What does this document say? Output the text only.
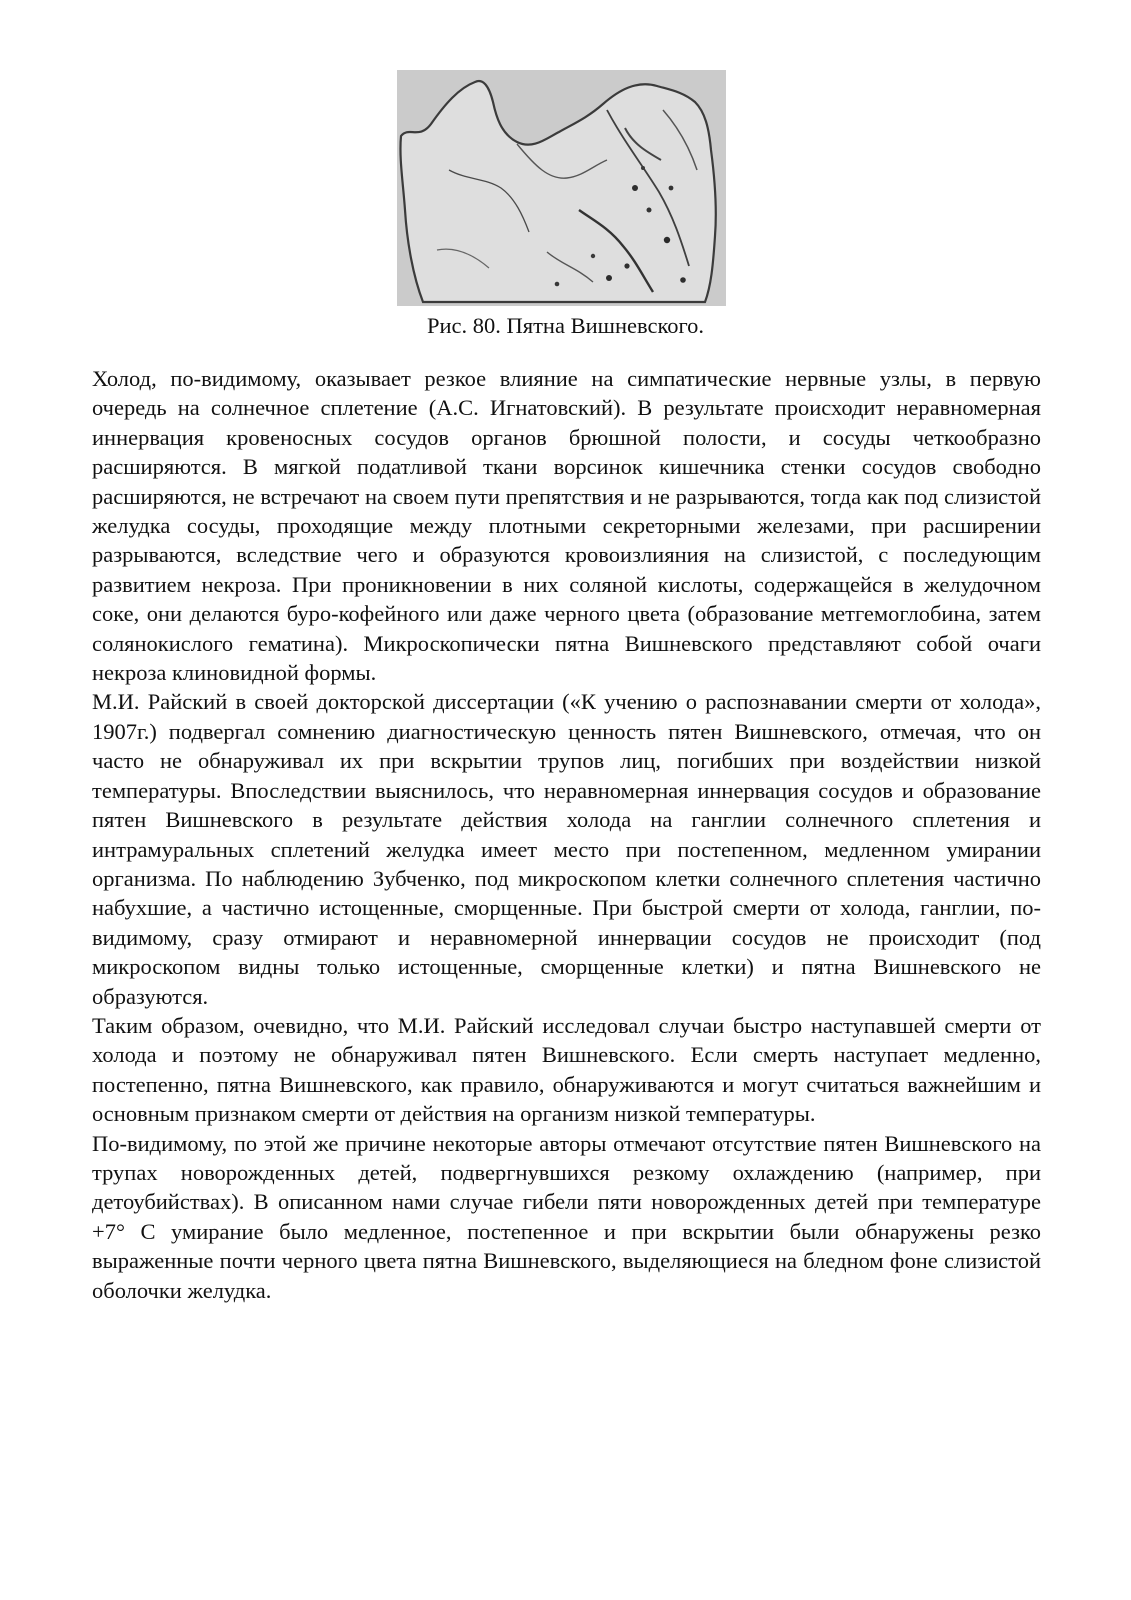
Рис. 80. Пятна Вишневского.

Холод, по-видимому, оказывает резкое влияние на симпатические нервные узлы, в первую очередь на солнечное сплетение (А.С. Игнатовский). В результате происходит неравномерная иннервация кровеносных сосудов органов брюшной полости, и сосуды четкообразно расширяются. В мягкой податливой ткани ворсинок кишечника стенки сосудов свободно расширяются, не встречают на своем пути препятствия и не разрываются, тогда как под слизистой желудка сосуды, проходящие между плотными секреторными железами, при расширении разрываются, вследствие чего и образуются кровоизлияния на слизистой, с последующим развитием некроза. При проникновении в них соляной кислоты, содержащейся в желудочном соке, они делаются буро-кофейного или даже черного цвета (образование метгемоглобина, затем солянокислого гематина). Микроскопически пятна Вишневского представляют собой очаги некроза клиновидной формы.

М.И. Райский в своей докторской диссертации («К учению о распознавании смерти от холода», 1907г.) подвергал сомнению диагностическую ценность пятен Вишневского, отмечая, что он часто не обнаруживал их при вскрытии трупов лиц, погибших при воздействии низкой температуры. Впоследствии выяснилось, что неравномерная иннервация сосудов и образование пятен Вишневского в результате действия холода на ганглии солнечного сплетения и интрамуральных сплетений желудка имеет место при постепенном, медленном умирании организма. По наблюдению Зубченко, под микроскопом клетки солнечного сплетения частично набухшие, а частично истощенные, сморщенные. При быстрой смерти от холода, ганглии, по-видимому, сразу отмирают и неравномерной иннервации сосудов не происходит (под микроскопом видны только истощенные, сморщенные клетки) и пятна Вишневского не образуются.

Таким образом, очевидно, что М.И. Райский исследовал случаи быстро наступавшей смерти от холода и поэтому не обнаруживал пятен Вишневского. Если смерть наступает медленно, постепенно, пятна Вишневского, как правило, обнаруживаются и могут считаться важнейшим и основным признаком смерти от действия на организм низкой температуры.

По-видимому, по этой же причине некоторые авторы отмечают отсутствие пятен Вишневского на трупах новорожденных детей, подвергнувшихся резкому охлаждению (например, при детоубийствах). В описанном нами случае гибели пяти новорожденных детей при температуре +7° С умирание было медленное, постепенное и при вскрытии были обнаружены резко выраженные почти черного цвета пятна Вишневского, выделяющиеся на бледном фоне слизистой оболочки желудка.
